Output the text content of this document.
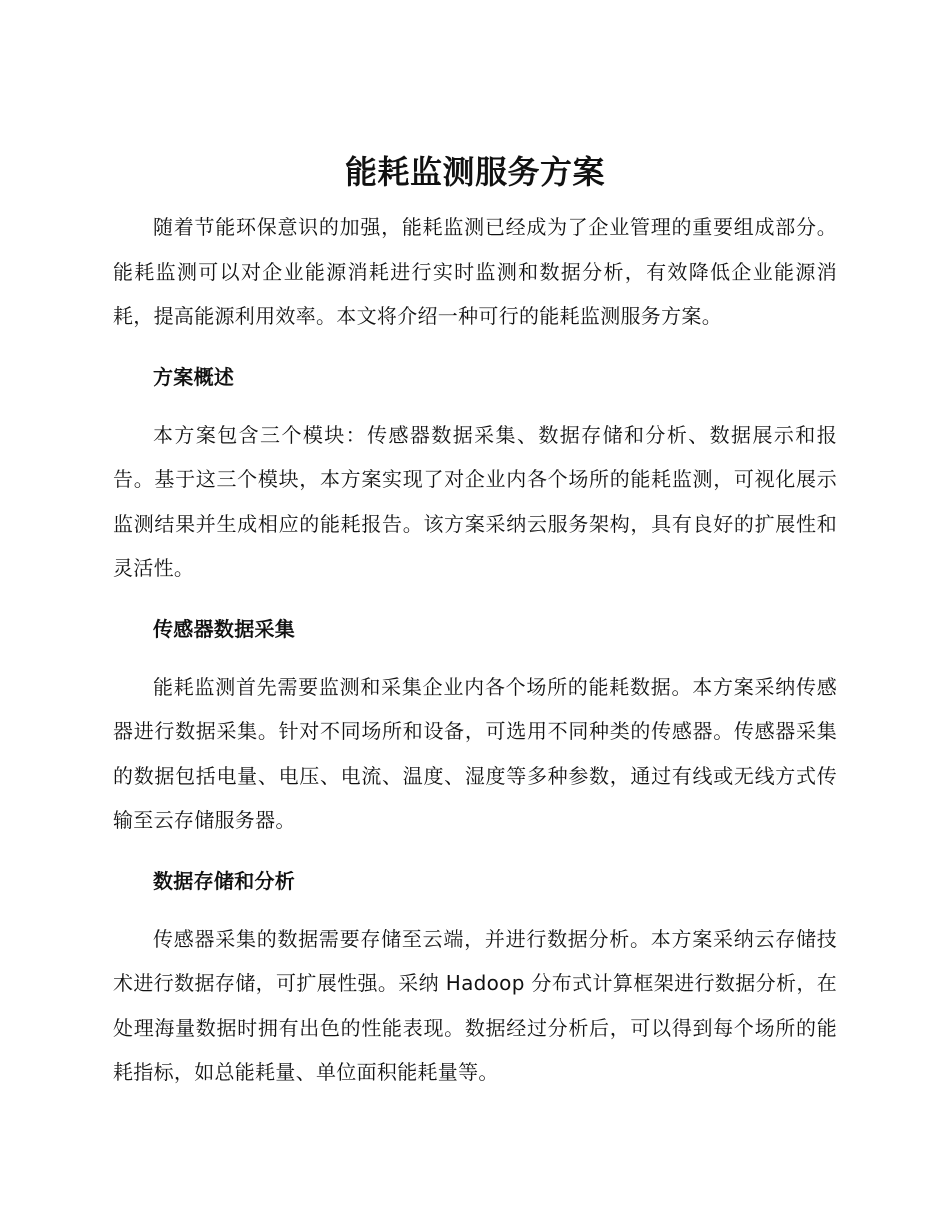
能耗监测服务方案

随着节能环保意识的加强，能耗监测已经成为了企业管理的重要组成部分。能耗监测可以对企业能源消耗进行实时监测和数据分析，有效降低企业能源消耗，提高能源利用效率。本文将介绍一种可行的能耗监测服务方案。

方案概述

本方案包含三个模块：传感器数据采集、数据存储和分析、数据展示和报告。基于这三个模块，本方案实现了对企业内各个场所的能耗监测，可视化展示监测结果并生成相应的能耗报告。该方案采纳云服务架构，具有良好的扩展性和灵活性。

传感器数据采集

能耗监测首先需要监测和采集企业内各个场所的能耗数据。本方案采纳传感器进行数据采集。针对不同场所和设备，可选用不同种类的传感器。传感器采集的数据包括电量、电压、电流、温度、湿度等多种参数，通过有线或无线方式传输至云存储服务器。

数据存储和分析

传感器采集的数据需要存储至云端，并进行数据分析。本方案采纳云存储技术进行数据存储，可扩展性强。采纳 Hadoop 分布式计算框架进行数据分析，在处理海量数据时拥有出色的性能表现。数据经过分析后，可以得到每个场所的能耗指标，如总能耗量、单位面积能耗量等。
